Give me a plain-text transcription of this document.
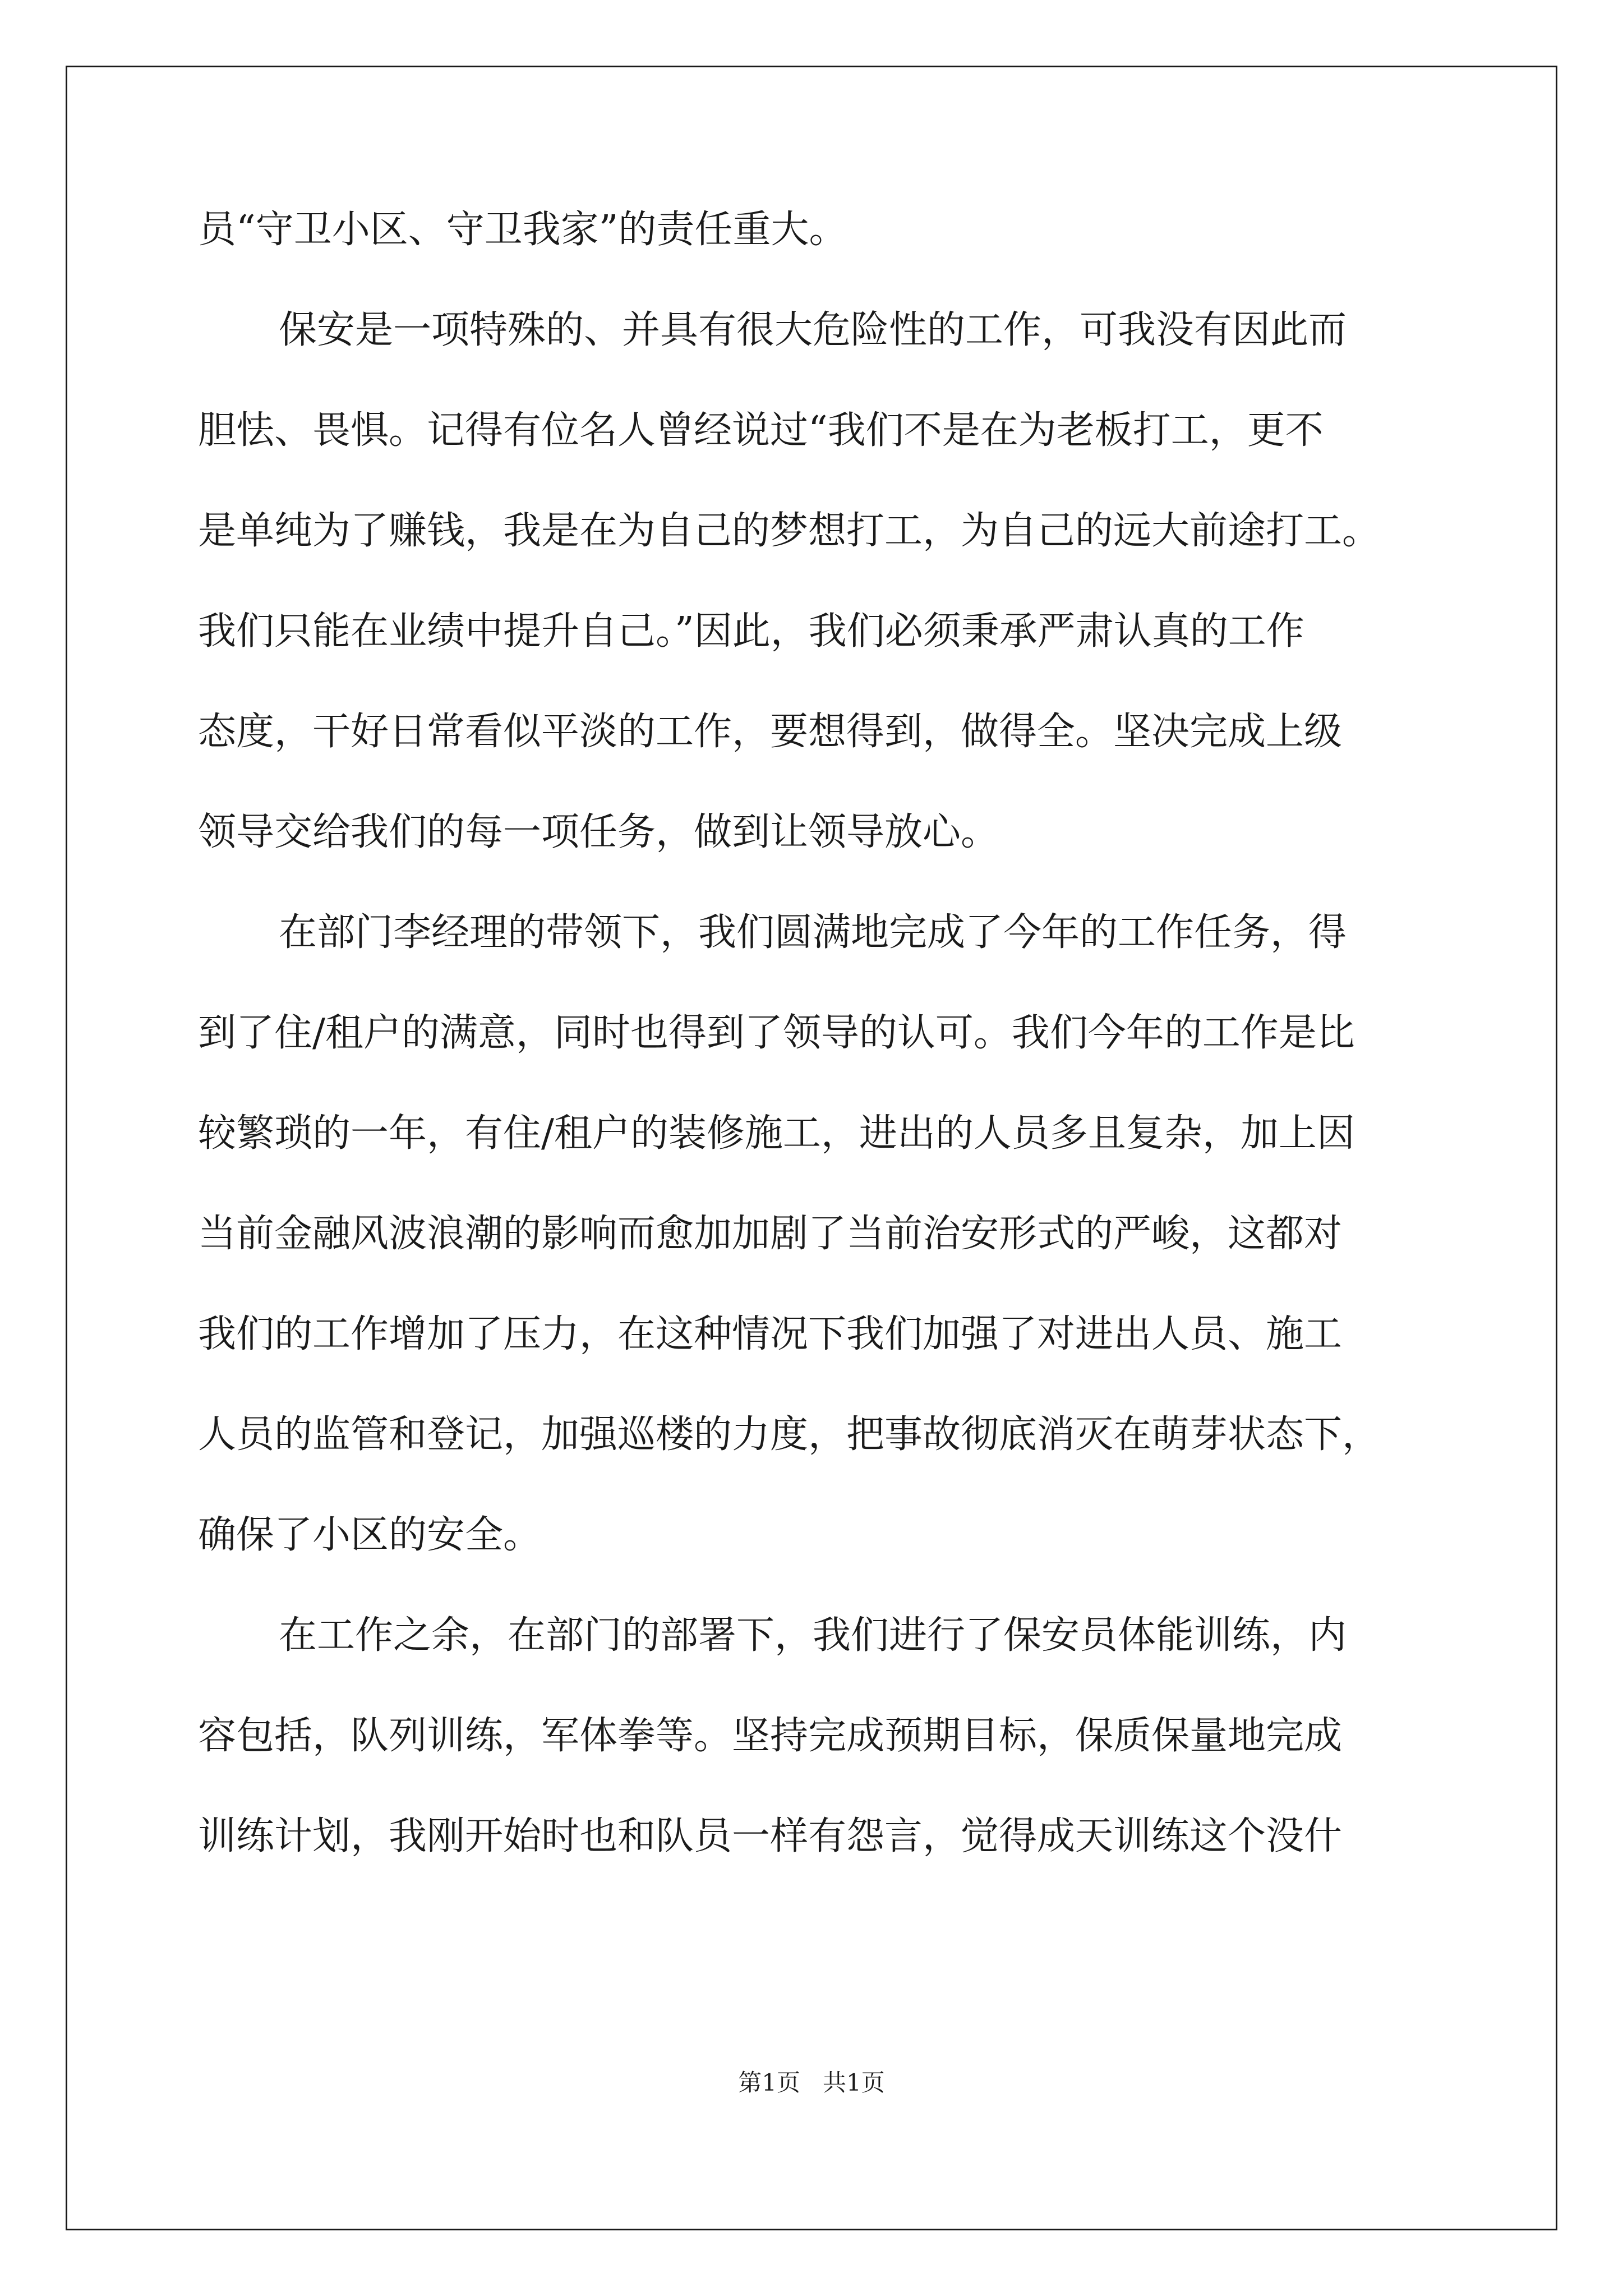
员“守卫小区、守卫我家”的责任重大。
保安是一项特殊的、并具有很大危险性的工作，可我没有因此而
胆怯、畏惧。记得有位名人曾经说过“我们不是在为老板打工，更不
是单纯为了赚钱，我是在为自己的梦想打工，为自己的远大前途打工。
我们只能在业绩中提升自己。”因此，我们必须秉承严肃认真的工作
态度，干好日常看似平淡的工作，要想得到，做得全。坚决完成上级
领导交给我们的每一项任务，做到让领导放心。
在部门李经理的带领下，我们圆满地完成了今年的工作任务，得
到了住/租户的满意，同时也得到了领导的认可。我们今年的工作是比
较繁琐的一年，有住/租户的装修施工，进出的人员多且复杂，加上因
当前金融风波浪潮的影响而愈加加剧了当前治安形式的严峻，这都对
我们的工作增加了压力，在这种情况下我们加强了对进出人员、施工
人员的监管和登记，加强巡楼的力度，把事故彻底消灭在萌芽状态下，
确保了小区的安全。
在工作之余，在部门的部署下，我们进行了保安员体能训练，内
容包括，队列训练，军体拳等。坚持完成预期目标，保质保量地完成
训练计划，我刚开始时也和队员一样有怨言，觉得成天训练这个没什
第1页   共1页
